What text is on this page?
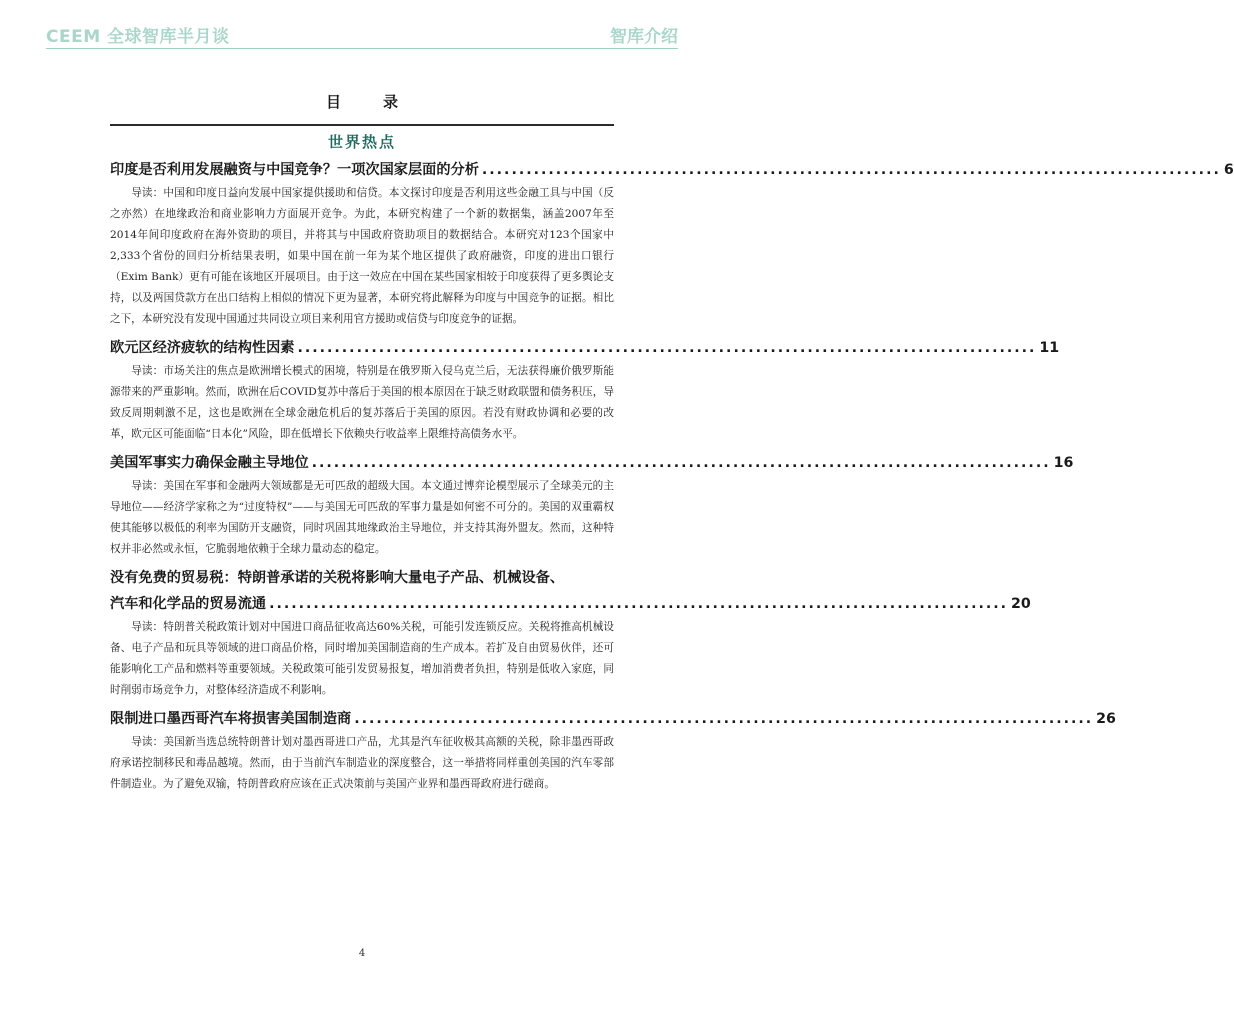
CEEM 全球智库半月谈	智库介绍
目录
世界热点
印度是否利用发展融资与中国竞争？一项次国家层面的分析 .................................................................................................... 6
导读：中国和印度日益向发展中国家提供援助和信贷。本文探讨印度是否利用这些金融工具与中国（反之亦然）在地缘政治和商业影响力方面展开竞争。为此，本研究构建了一个新的数据集，涵盖2007年至2014年间印度政府在海外资助的项目，并将其与中国政府资助项目的数据结合。本研究对123个国家中2,333个省份的回归分析结果表明，如果中国在前一年为某个地区提供了政府融资，印度的进出口银行（Exim Bank）更有可能在该地区开展项目。由于这一效应在中国在某些国家相较于印度获得了更多舆论支持，以及两国贷款方在出口结构上相似的情况下更为显著，本研究将此解释为印度与中国竞争的证据。相比之下，本研究没有发现中国通过共同设立项目来利用官方援助或信贷与印度竞争的证据。
欧元区经济疲软的结构性因素 .................................................................................................... 11
导读：市场关注的焦点是欧洲增长模式的困境，特别是在俄罗斯入侵乌克兰后，无法获得廉价俄罗斯能源带来的严重影响。然而，欧洲在后COVID复苏中落后于美国的根本原因在于缺乏财政联盟和债务积压，导致反周期刺激不足，这也是欧洲在全球金融危机后的复苏落后于美国的原因。若没有财政协调和必要的改革，欧元区可能面临“日本化”风险，即在低增长下依赖央行收益率上限维持高债务水平。
美国军事实力确保金融主导地位 .................................................................................................... 16
导读：美国在军事和金融两大领域都是无可匹敌的超级大国。本文通过博弈论模型展示了全球美元的主导地位——经济学家称之为“过度特权”——与美国无可匹敌的军事力量是如何密不可分的。美国的双重霸权使其能够以极低的利率为国防开支融资，同时巩固其地缘政治主导地位，并支持其海外盟友。然而，这种特权并非必然或永恒，它脆弱地依赖于全球力量动态的稳定。
没有免费的贸易税：特朗普承诺的关税将影响大量电子产品、机械设备、
汽车和化学品的贸易流通 .................................................................................................... 20
导读：特朗普关税政策计划对中国进口商品征收高达60%关税，可能引发连锁反应。关税将推高机械设备、电子产品和玩具等领域的进口商品价格，同时增加美国制造商的生产成本。若扩及自由贸易伙伴，还可能影响化工产品和燃料等重要领域。关税政策可能引发贸易报复，增加消费者负担，特别是低收入家庭，同时削弱市场竞争力，对整体经济造成不利影响。
限制进口墨西哥汽车将损害美国制造商 .................................................................................................... 26
导读：美国新当选总统特朗普计划对墨西哥进口产品，尤其是汽车征收极其高额的关税，除非墨西哥政府承诺控制移民和毒品越境。然而，由于当前汽车制造业的深度整合，这一举措将同样重创美国的汽车零部件制造业。为了避免双输，特朗普政府应该在正式决策前与美国产业界和墨西哥政府进行磋商。
4
